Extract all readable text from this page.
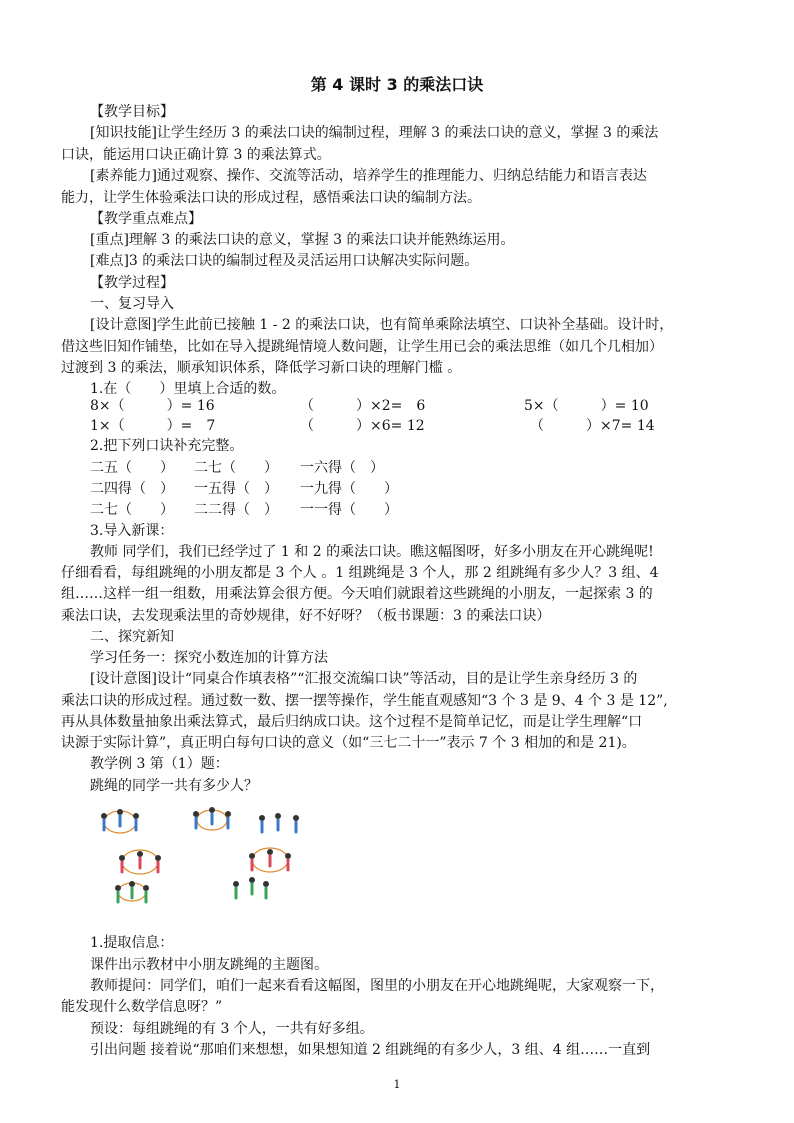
第 4 课时 3 的乘法口诀
【教学目标】
[知识技能]让学生经历 3 的乘法口诀的编制过程，理解 3 的乘法口诀的意义，掌握 3 的乘法
口诀，能运用口诀正确计算 3 的乘法算式。
[素养能力]通过观察、操作、交流等活动，培养学生的推理能力、归纳总结能力和语言表达
能力，让学生体验乘法口诀的形成过程，感悟乘法口诀的编制方法。
【教学重点难点】
[重点]理解 3 的乘法口诀的意义，掌握 3 的乘法口诀并能熟练运用。
[难点]3 的乘法口诀的编制过程及灵活运用口诀解决实际问题。
【教学过程】
一、复习导入
[设计意图]学生此前已接触 1 - 2 的乘法口诀，也有简单乘除法填空、口诀补全基础。设计时，
借这些旧知作铺垫，比如在导入提跳绳情境人数问题，让学生用已会的乘法思维（如几个几相加）
过渡到 3 的乘法，顺承知识体系，降低学习新口诀的理解门槛 。
1.在（　　）里填上合适的数。
8×（　　　）= 16	（　　　）×2=　6	5×（　　　）= 10
1×（　　　）=　7	（　　　）×6= 12	（　　　）×7= 14
2.把下列口诀补充完整。
二五（　　） 二七（　　） 一六得（　）
二四得（　） 一五得（　） 一九得（　　）
二七（　　） 二二得（　） 一一得（　　）
3.导入新课：
教师 同学们，我们已经学过了 1 和 2 的乘法口诀。瞧这幅图呀，好多小朋友在开心跳绳呢!
仔细看看，每组跳绳的小朋友都是 3 个人 。1 组跳绳是 3 个人，那 2 组跳绳有多少人？3 组、4
组……这样一组一组数，用乘法算会很方便。今天咱们就跟着这些跳绳的小朋友，一起探索 3 的
乘法口诀，去发现乘法里的奇妙规律，好不好呀？（板书课题：3 的乘法口诀）
二、探究新知
学习任务一：探究小数连加的计算方法
[设计意图]设计“同桌合作填表格”“汇报交流编口诀”等活动，目的是让学生亲身经历 3 的
乘法口诀的形成过程。通过数一数、摆一摆等操作，学生能直观感知“3 个 3 是 9、4 个 3 是 12”,
再从具体数量抽象出乘法算式，最后归纳成口诀。这个过程不是简单记忆，而是让学生理解“口
诀源于实际计算”，真正明白每句口诀的意义（如“三七二十一”表示 7 个 3 相加的和是 21)。
教学例 3 第（1）题：
跳绳的同学一共有多少人？
1.提取信息：
课件出示教材中小朋友跳绳的主题图。
教师提问：同学们，咱们一起来看看这幅图，图里的小朋友在开心地跳绳呢，大家观察一下，
能发现什么数学信息呀？”
预设：每组跳绳的有 3 个人，一共有好多组。
引出问题 接着说“那咱们来想想，如果想知道 2 组跳绳的有多少人，3 组、4 组……一直到
1
